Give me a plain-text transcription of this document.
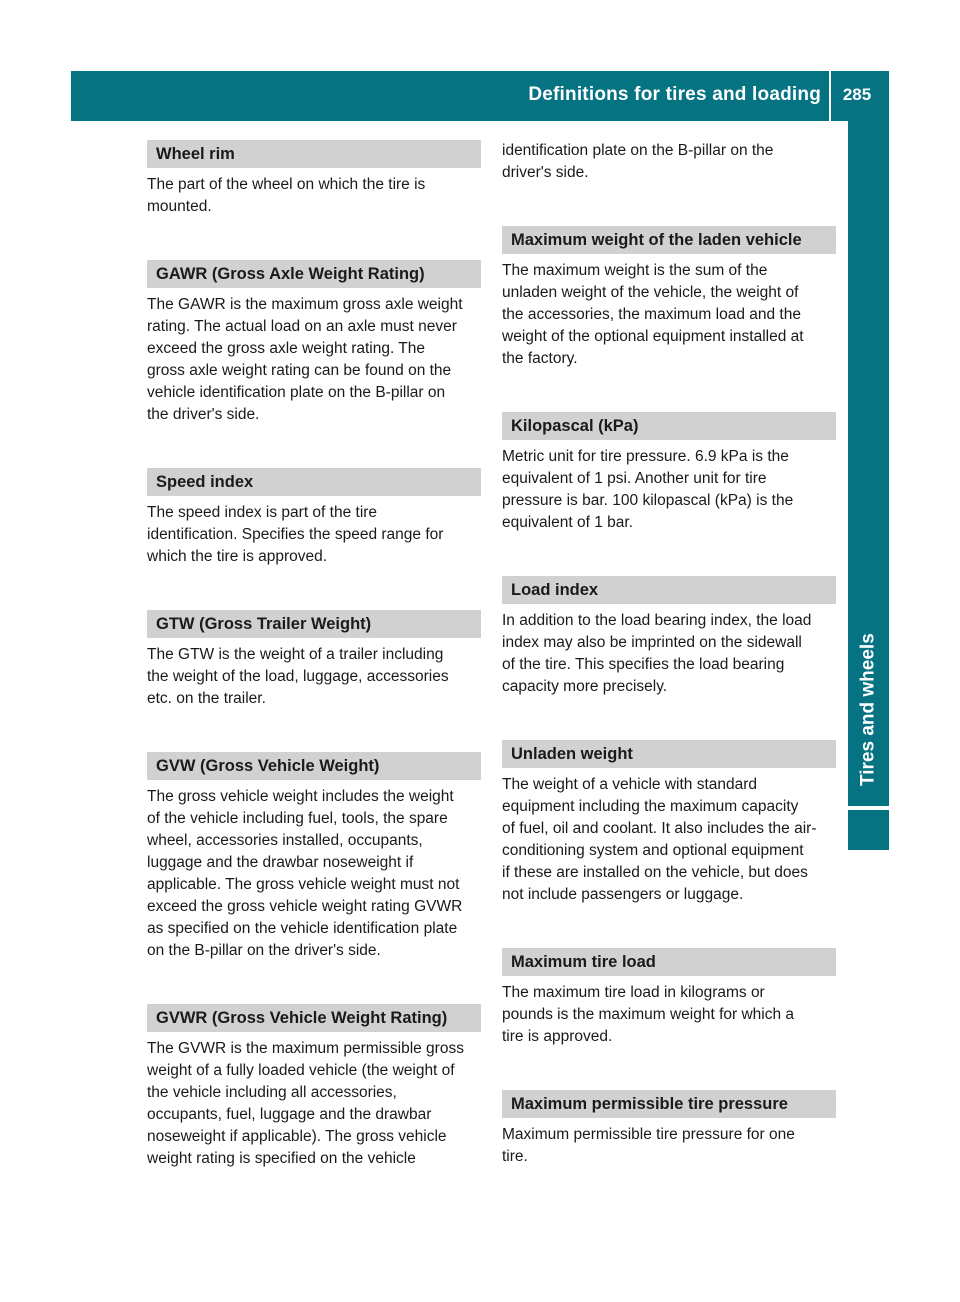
Definitions for tires and loading	285
Tires and wheels
Wheel rim

The part of the wheel on which the tire is
mounted.

GAWR (Gross Axle Weight Rating)

The GAWR is the maximum gross axle weight
rating. The actual load on an axle must never
exceed the gross axle weight rating. The
gross axle weight rating can be found on the
vehicle identification plate on the B-pillar on
the driver's side.

Speed index

The speed index is part of the tire
identification. Specifies the speed range for
which the tire is approved.

GTW (Gross Trailer Weight)

The GTW is the weight of a trailer including
the weight of the load, luggage, accessories
etc. on the trailer.

GVW (Gross Vehicle Weight)

The gross vehicle weight includes the weight
of the vehicle including fuel, tools, the spare
wheel, accessories installed, occupants,
luggage and the drawbar noseweight if
applicable. The gross vehicle weight must not
exceed the gross vehicle weight rating GVWR
as specified on the vehicle identification plate
on the B-pillar on the driver's side.

GVWR (Gross Vehicle Weight Rating)

The GVWR is the maximum permissible gross
weight of a fully loaded vehicle (the weight of
the vehicle including all accessories,
occupants, fuel, luggage and the drawbar
noseweight if applicable). The gross vehicle
weight rating is specified on the vehicle

identification plate on the B-pillar on the
driver's side.

Maximum weight of the laden vehicle

The maximum weight is the sum of the
unladen weight of the vehicle, the weight of
the accessories, the maximum load and the
weight of the optional equipment installed at
the factory.

Kilopascal (kPa)

Metric unit for tire pressure. 6.9 kPa is the
equivalent of 1 psi. Another unit for tire
pressure is bar. 100 kilopascal (kPa) is the
equivalent of 1 bar.

Load index

In addition to the load bearing index, the load
index may also be imprinted on the sidewall
of the tire. This specifies the load bearing
capacity more precisely.

Unladen weight

The weight of a vehicle with standard
equipment including the maximum capacity
of fuel, oil and coolant. It also includes the air-
conditioning system and optional equipment
if these are installed on the vehicle, but does
not include passengers or luggage.

Maximum tire load

The maximum tire load in kilograms or
pounds is the maximum weight for which a
tire is approved.

Maximum permissible tire pressure

Maximum permissible tire pressure for one
tire.
